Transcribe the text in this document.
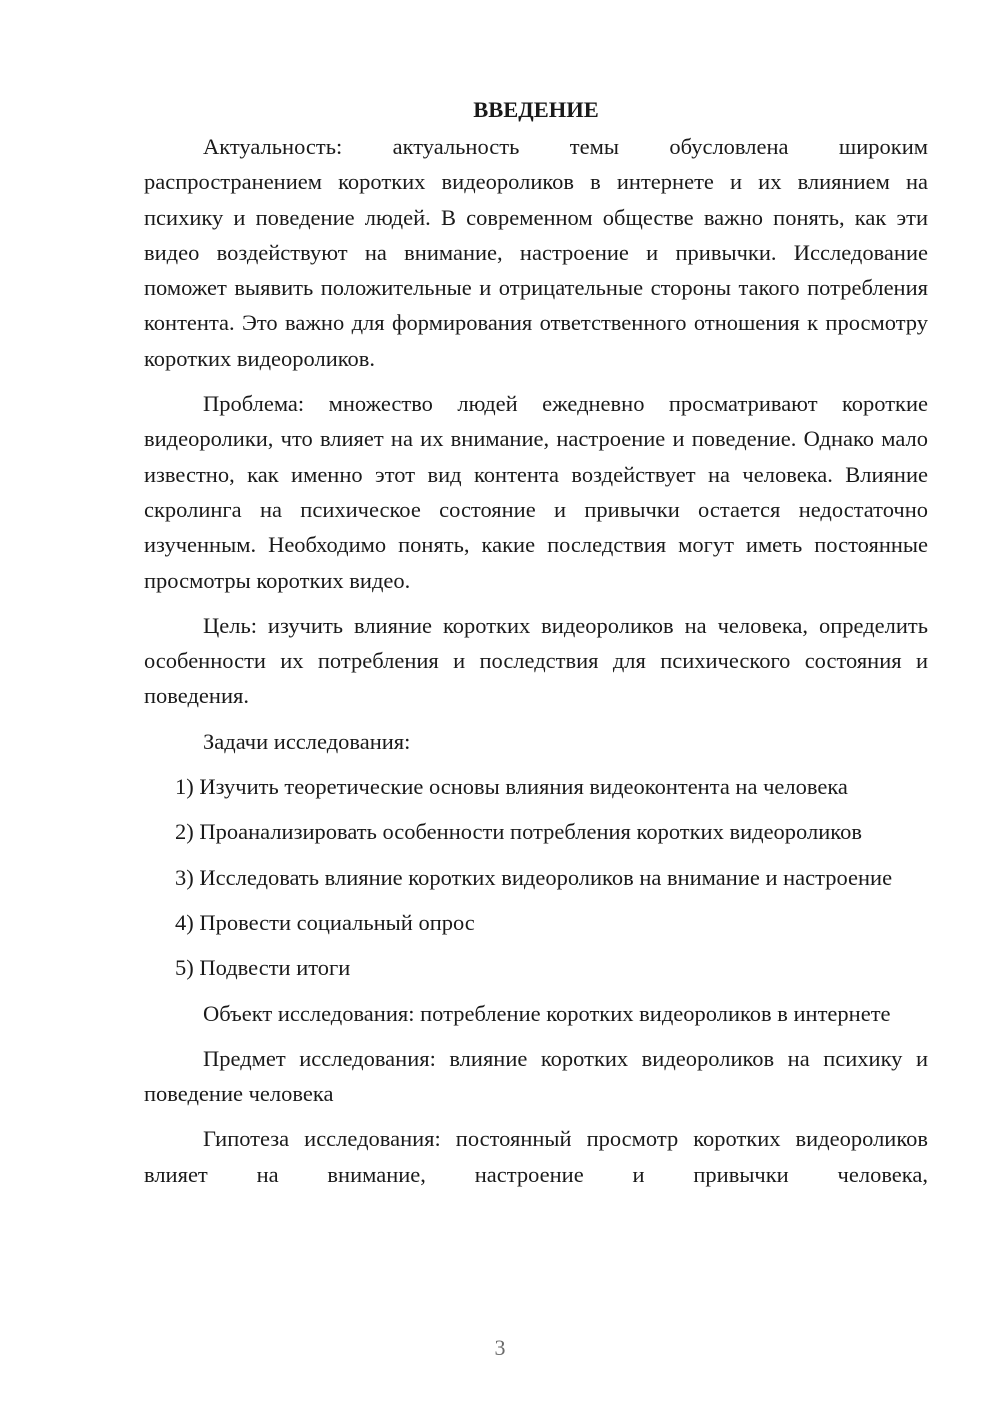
ВВЕДЕНИЕ

Актуальность: актуальность темы обусловлена широким распространением коротких видеороликов в интернете и их влиянием на психику и поведение людей. В современном обществе важно понять, как эти видео воздействуют на внимание, настроение и привычки. Исследование поможет выявить положительные и отрицательные стороны такого потребления контента. Это важно для формирования ответственного отношения к просмотру коротких видеороликов.

Проблема: множество людей ежедневно просматривают короткие видеоролики, что влияет на их внимание, настроение и поведение. Однако мало известно, как именно этот вид контента воздействует на человека. Влияние скролинга на психическое состояние и привычки остается недостаточно изученным. Необходимо понять, какие последствия могут иметь постоянные просмотры коротких видео.

Цель: изучить влияние коротких видеороликов на человека, определить особенности их потребления и последствия для психического состояния и поведения.

Задачи исследования:

1) Изучить теоретические основы влияния видеоконтента на человека

2) Проанализировать особенности потребления коротких видеороликов

3) Исследовать влияние коротких видеороликов на внимание и настроение

4) Провести социальный опрос

5) Подвести итоги

Объект исследования: потребление коротких видеороликов в интернете

Предмет исследования: влияние коротких видеороликов на психику и поведение человека

Гипотеза исследования: постоянный просмотр коротких видеороликов влияет на внимание, настроение и привычки человека,

3
